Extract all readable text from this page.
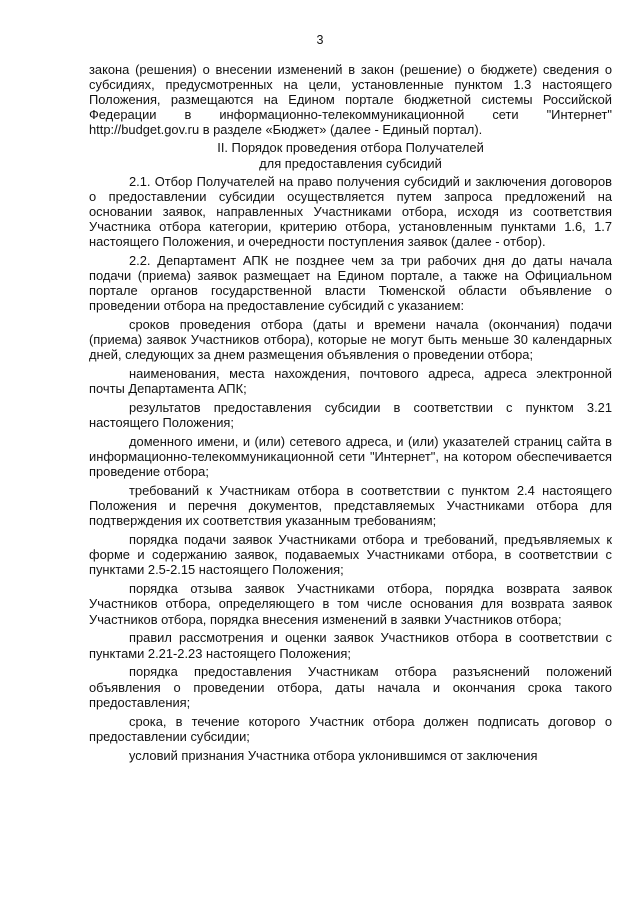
3

закона (решения) о внесении изменений в закон (решение) о бюджете) сведения о субсидиях, предусмотренных на цели, установленные пунктом 1.3 настоящего Положения, размещаются на Едином портале бюджетной системы Российской Федерации в информационно-телекоммуникационной сети "Интернет" http://budget.gov.ru в разделе «Бюджет» (далее - Единый портал).

II. Порядок проведения отбора Получателей
для предоставления субсидий

2.1. Отбор Получателей на право получения субсидий и заключения договоров о предоставлении субсидии осуществляется путем запроса предложений на основании заявок, направленных Участниками отбора, исходя из соответствия Участника отбора категории, критерию отбора, установленным пунктами 1.6, 1.7 настоящего Положения, и очередности поступления заявок (далее - отбор).

2.2. Департамент АПК не позднее чем за три рабочих дня до даты начала подачи (приема) заявок размещает на Едином портале, а также на Официальном портале органов государственной власти Тюменской области объявление о проведении отбора на предоставление субсидий с указанием:

сроков проведения отбора (даты и времени начала (окончания) подачи (приема) заявок Участников отбора), которые не могут быть меньше 30 календарных дней, следующих за днем размещения объявления о проведении отбора;

наименования, места нахождения, почтового адреса, адреса электронной почты Департамента АПК;

результатов предоставления субсидии в соответствии с пунктом 3.21 настоящего Положения;

доменного имени, и (или) сетевого адреса, и (или) указателей страниц сайта в информационно-телекоммуникационной сети "Интернет", на котором обеспечивается проведение отбора;

требований к Участникам отбора в соответствии с пунктом 2.4 настоящего Положения и перечня документов, представляемых Участниками отбора для подтверждения их соответствия указанным требованиям;

порядка подачи заявок Участниками отбора и требований, предъявляемых к форме и содержанию заявок, подаваемых Участниками отбора, в соответствии с пунктами 2.5-2.15 настоящего Положения;

порядка отзыва заявок Участниками отбора, порядка возврата заявок Участников отбора, определяющего в том числе основания для возврата заявок Участников отбора, порядка внесения изменений в заявки Участников отбора;

правил рассмотрения и оценки заявок Участников отбора в соответствии с пунктами 2.21-2.23 настоящего Положения;

порядка предоставления Участникам отбора разъяснений положений объявления о проведении отбора, даты начала и окончания срока такого предоставления;

срока, в течение которого Участник отбора должен подписать договор о предоставлении субсидии;

условий признания Участника отбора уклонившимся от заключения
